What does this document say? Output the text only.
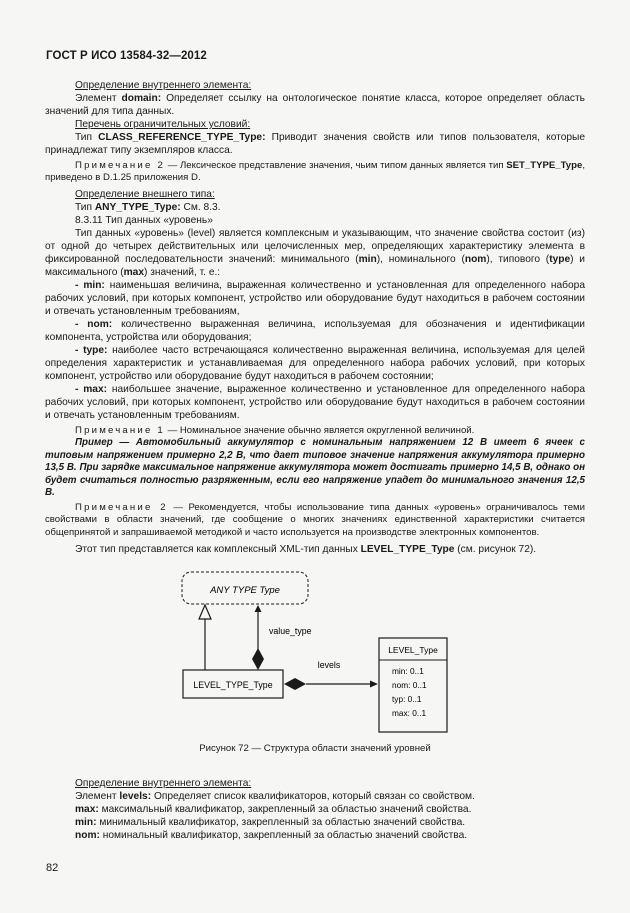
ГОСТ Р ИСО 13584-32—2012

Определение внутреннего элемента:

Элемент domain: Определяет ссылку на онтологическое понятие класса, которое определяет область значений для типа данных.

Перечень ограничительных условий:

Тип CLASS_REFERENCE_TYPE_Type: Приводит значения свойств или типов пользователя, которые принадлежат типу экземпляров класса.

Примечание 2 — Лексическое представление значения, чьим типом данных является тип SET_TYPE_Type, приведено в D.1.25 приложения D.

Определение внешнего типа:

Тип ANY_TYPE_Type: См. 8.3.

8.3.11 Тип данных «уровень»

Тип данных «уровень» (level) является комплексным и указывающим, что значение свойства состоит (из) от одной до четырех действительных или целочисленных мер, определяющих характеристику элемента в фиксированной последовательности значений: минимального (min), номинального (nom), типового (type) и максимального (max) значений, т. е.:

- min: наименьшая величина, выраженная количественно и установленная для определенного набора рабочих условий, при которых компонент, устройство или оборудование будут находиться в рабочем состоянии и отвечать установленным требованиям,

- nom: количественно выраженная величина, используемая для обозначения и идентификации компонента, устройства или оборудования;

- type: наиболее часто встречающаяся количественно выраженная величина, используемая для целей определения характеристик и устанавливаемая для определенного набора рабочих условий, при которых компонент, устройство или оборудование будут находиться в рабочем состоянии;

- max: наибольшее значение, выраженное количественно и установленное для определенного набора рабочих условий, при которых компонент, устройство или оборудование будут находиться в рабочем состоянии и отвечать установленным требованиям.

Примечание 1 — Номинальное значение обычно является округленной величиной.

Пример — Автомобильный аккумулятор с номинальным напряжением 12 В имеет 6 ячеек с типовым напряжением примерно 2,2 В, что дает типовое значение напряжения аккумулятора примерно 13,5 В. При зарядке максимальное напряжение аккумулятора может достигать примерно 14,5 В, однако он будет считаться полностью разряженным, если его напряжение упадет до минимального значения 12,5 В.

Примечание 2 — Рекомендуется, чтобы использование типа данных «уровень» ограничивалось теми свойствами в области значений, где сообщение о многих значениях единственной характеристики считается общепринятой и запрашиваемой методикой и часто используется на производстве электронных компонентов.

Этот тип представляется как комплексный XML-тип данных LEVEL_TYPE_Type (см. рисунок 72).

ANY TYPE Type
value_type
LEVEL_TYPE_Type
levels
LEVEL_Type
min: 0..1
nom: 0..1
typ: 0..1
max: 0..1

Рисунок 72 — Структура области значений уровней

Определение внутреннего элемента:

Элемент levels: Определяет список квалификаторов, который связан со свойством.

max: максимальный квалификатор, закрепленный за областью значений свойства.

min: минимальный квалификатор, закрепленный за областью значений свойства.

nom: номинальный квалификатор, закрепленный за областью значений свойства.

82
